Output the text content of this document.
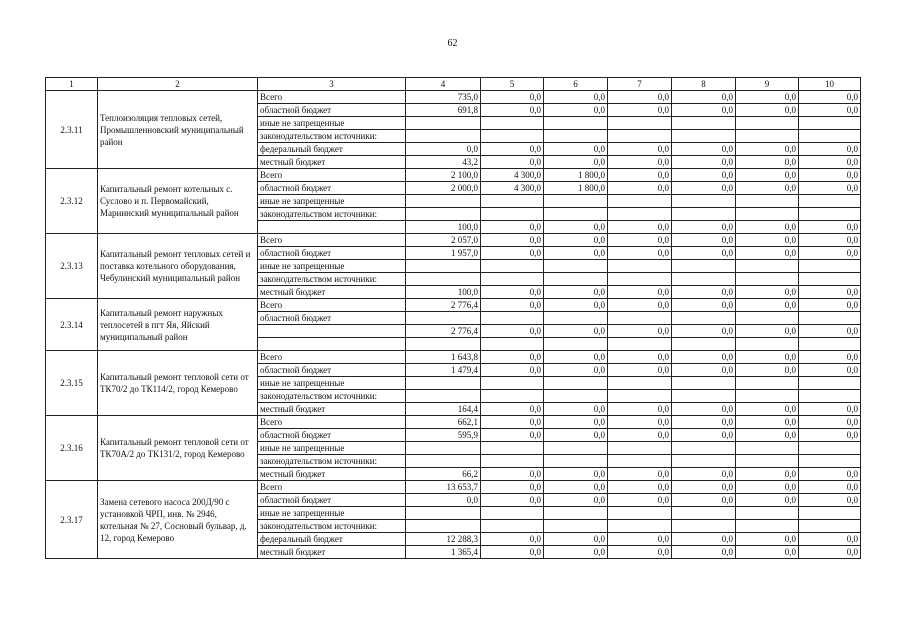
62
1	2	3	4	5	6	7	8	9	10
2.3.11	Теплоизоляция тепловых сетей, Промышленновский муниципальный район	Всего	735,0	0,0	0,0	0,0	0,0	0,0	0,0
		областной бюджет	691,8	0,0	0,0	0,0	0,0	0,0	0,0
		иные не запрещенные							
		законодательством источники:							
		федеральный бюджет	0,0	0,0	0,0	0,0	0,0	0,0	0,0
		местный бюджет	43,2	0,0	0,0	0,0	0,0	0,0	0,0
2.3.12	Капитальный ремонт котельных с. Суслово и п. Первомайский, Мариинский муниципальный район	Всего	2 100,0	4 300,0	1 800,0	0,0	0,0	0,0	0,0
		областной бюджет	2 000,0	4 300,0	1 800,0	0,0	0,0	0,0	0,0
		иные не запрещенные							
		законодательством источники:							
			100,0	0,0	0,0	0,0	0,0	0,0	0,0
2.3.13	Капитальный ремонт тепловых сетей и поставка котельного оборудования, Чебулинский муниципальный район	Всего	2 057,0	0,0	0,0	0,0	0,0	0,0	0,0
		областной бюджет	1 957,0	0,0	0,0	0,0	0,0	0,0	0,0
		иные не запрещенные							
		законодательством источники:							
		местный бюджет	100,0	0,0	0,0	0,0	0,0	0,0	0,0
2.3.14	Капитальный ремонт наружных теплосетей в пгт Яя, Яйский муниципальный район	Всего	2 776,4	0,0	0,0	0,0	0,0	0,0	0,0
		областной бюджет							
			2 776,4	0,0	0,0	0,0	0,0	0,0	0,0

2.3.15	Капитальный ремонт тепловой сети от ТК70/2 до ТК114/2, город Кемерово	Всего	1 643,8	0,0	0,0	0,0	0,0	0,0	0,0
		областной бюджет	1 479,4	0,0	0,0	0,0	0,0	0,0	0,0
		иные не запрещенные							
		законодательством источники:							
		местный бюджет	164,4	0,0	0,0	0,0	0,0	0,0	0,0
2.3.16	Капитальный ремонт тепловой сети от ТК70А/2 до ТК131/2, город Кемерово	Всего	662,1	0,0	0,0	0,0	0,0	0,0	0,0
		областной бюджет	595,9	0,0	0,0	0,0	0,0	0,0	0,0
		иные не запрещенные							
		законодательством источники:							
		местный бюджет	66,2	0,0	0,0	0,0	0,0	0,0	0,0
2.3.17	Замена сетевого насоса 200Д/90 с установкой ЧРП, инв. № 2946, котельная № 27, Сосновый бульвар, д. 12, город Кемерово	Всего	13 653,7	0,0	0,0	0,0	0,0	0,0	0,0
		областной бюджет	0,0	0,0	0,0	0,0	0,0	0,0	0,0
		иные не запрещенные							
		законодательством источники:							
		федеральный бюджет	12 288,3	0,0	0,0	0,0	0,0	0,0	0,0
		местный бюджет	1 365,4	0,0	0,0	0,0	0,0	0,0	0,0
